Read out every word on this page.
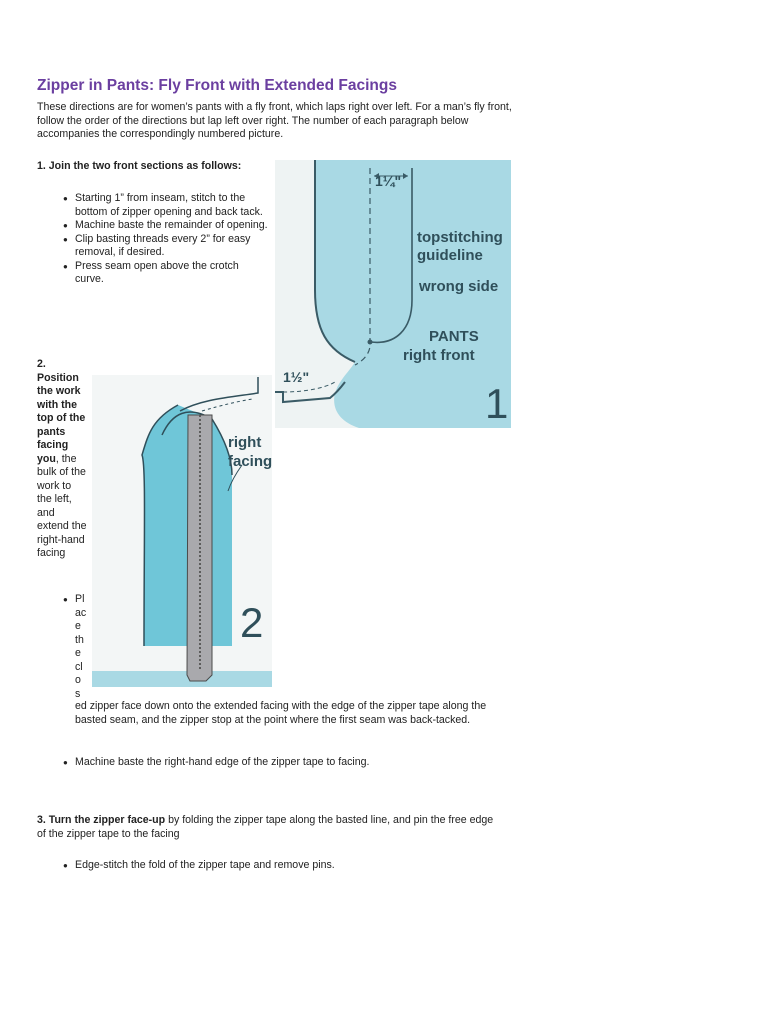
Zipper in Pants: Fly Front with Extended Facings

These directions are for women’s pants with a fly front, which laps right over left. For a man’s fly front, follow the order of the directions but lap left over right. The number of each paragraph below accompanies the correspondingly numbered picture.

1. Join the two front sections as follows:

● Starting 1” from inseam, stitch to the bottom of zipper opening and back tack.
● Machine baste the remainder of opening.
● Clip basting threads every 2” for easy removal, if desired.
● Press seam open above the crotch curve.
1¼"
1½"
topstitching
guideline
wrong side
PANTS
right front
1

2.
Position the work with the top of the pants facing you, the bulk of the work to the left, and extend the right-hand facing

right
facing
2
● Pl
ac
e
th
e
cl
o
s
ed zipper face down onto the extended facing with the edge of the zipper tape along the basted seam, and the zipper stop at the point where the first seam was back-tacked.
● Machine baste the right-hand edge of the zipper tape to facing.

3. Turn the zipper face-up by folding the zipper tape along the basted line, and pin the free edge of the zipper tape to the facing

● Edge-stitch the fold of the zipper tape and remove pins.
